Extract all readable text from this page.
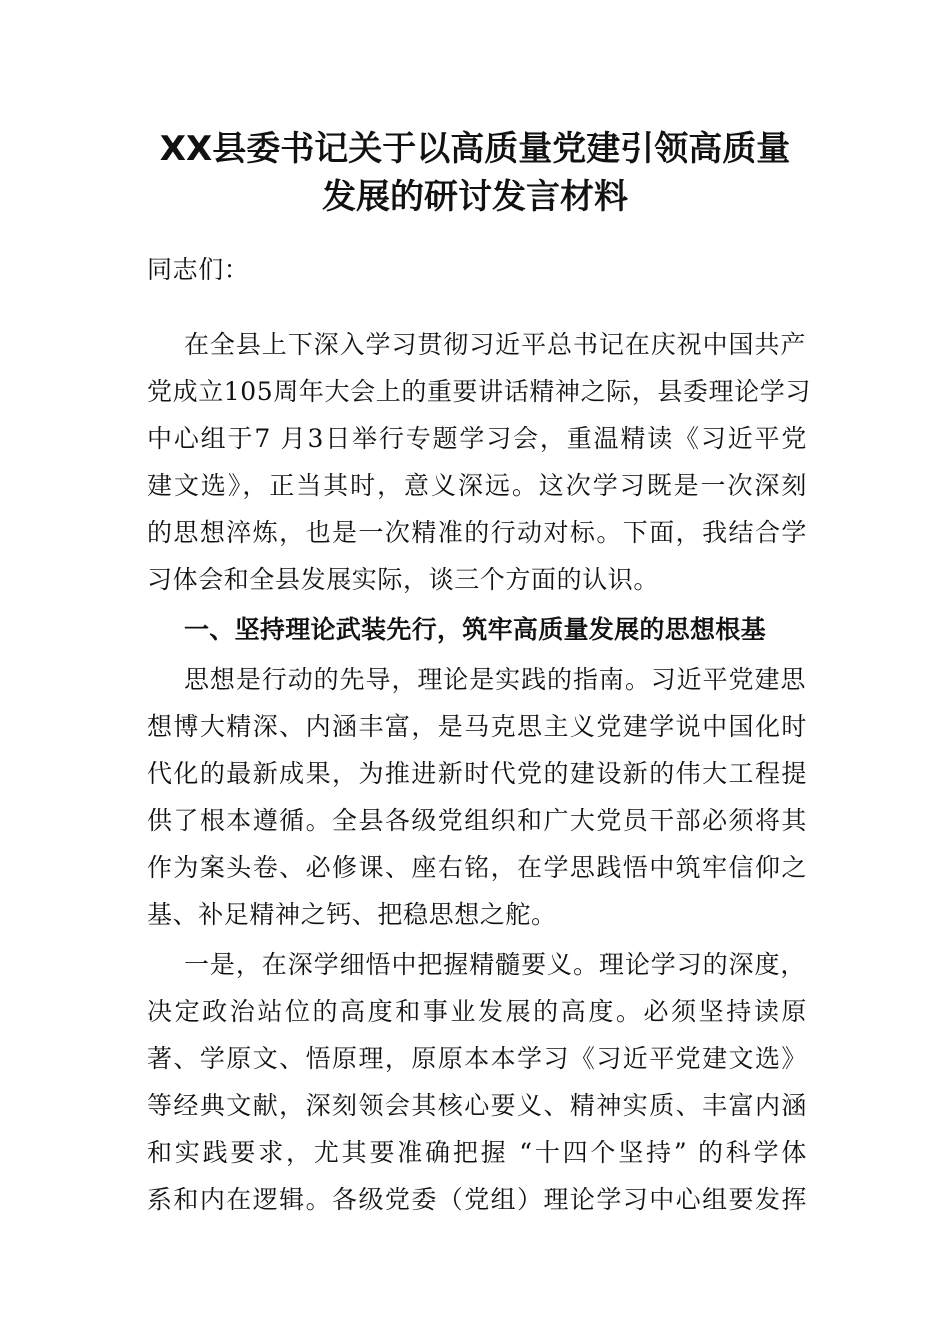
XX县委书记关于以高质量党建引领高质量
发展的研讨发言材料
同志们：
在全县上下深入学习贯彻习近平总书记在庆祝中国共产
党成立105周年大会上的重要讲话精神之际，县委理论学习
中心组于7 月3日举行专题学习会，重温精读《习近平党
建文选》，正当其时，意义深远。这次学习既是一次深刻
的思想淬炼，也是一次精准的行动对标。下面，我结合学
习体会和全县发展实际，谈三个方面的认识。
一、坚持理论武装先行，筑牢高质量发展的思想根基
思想是行动的先导，理论是实践的指南。习近平党建思
想博大精深、内涵丰富，是马克思主义党建学说中国化时
代化的最新成果，为推进新时代党的建设新的伟大工程提
供了根本遵循。全县各级党组织和广大党员干部必须将其
作为案头卷、必修课、座右铭，在学思践悟中筑牢信仰之
基、补足精神之钙、把稳思想之舵。
一是，在深学细悟中把握精髓要义。理论学习的深度，
决定政治站位的高度和事业发展的高度。必须坚持读原
著、学原文、悟原理，原原本本学习《习近平党建文选》
等经典文献，深刻领会其核心要义、精神实质、丰富内涵
和实践要求，尤其要准确把握 “十四个坚持” 的科学体
系和内在逻辑。各级党委（党组）理论学习中心组要发挥
